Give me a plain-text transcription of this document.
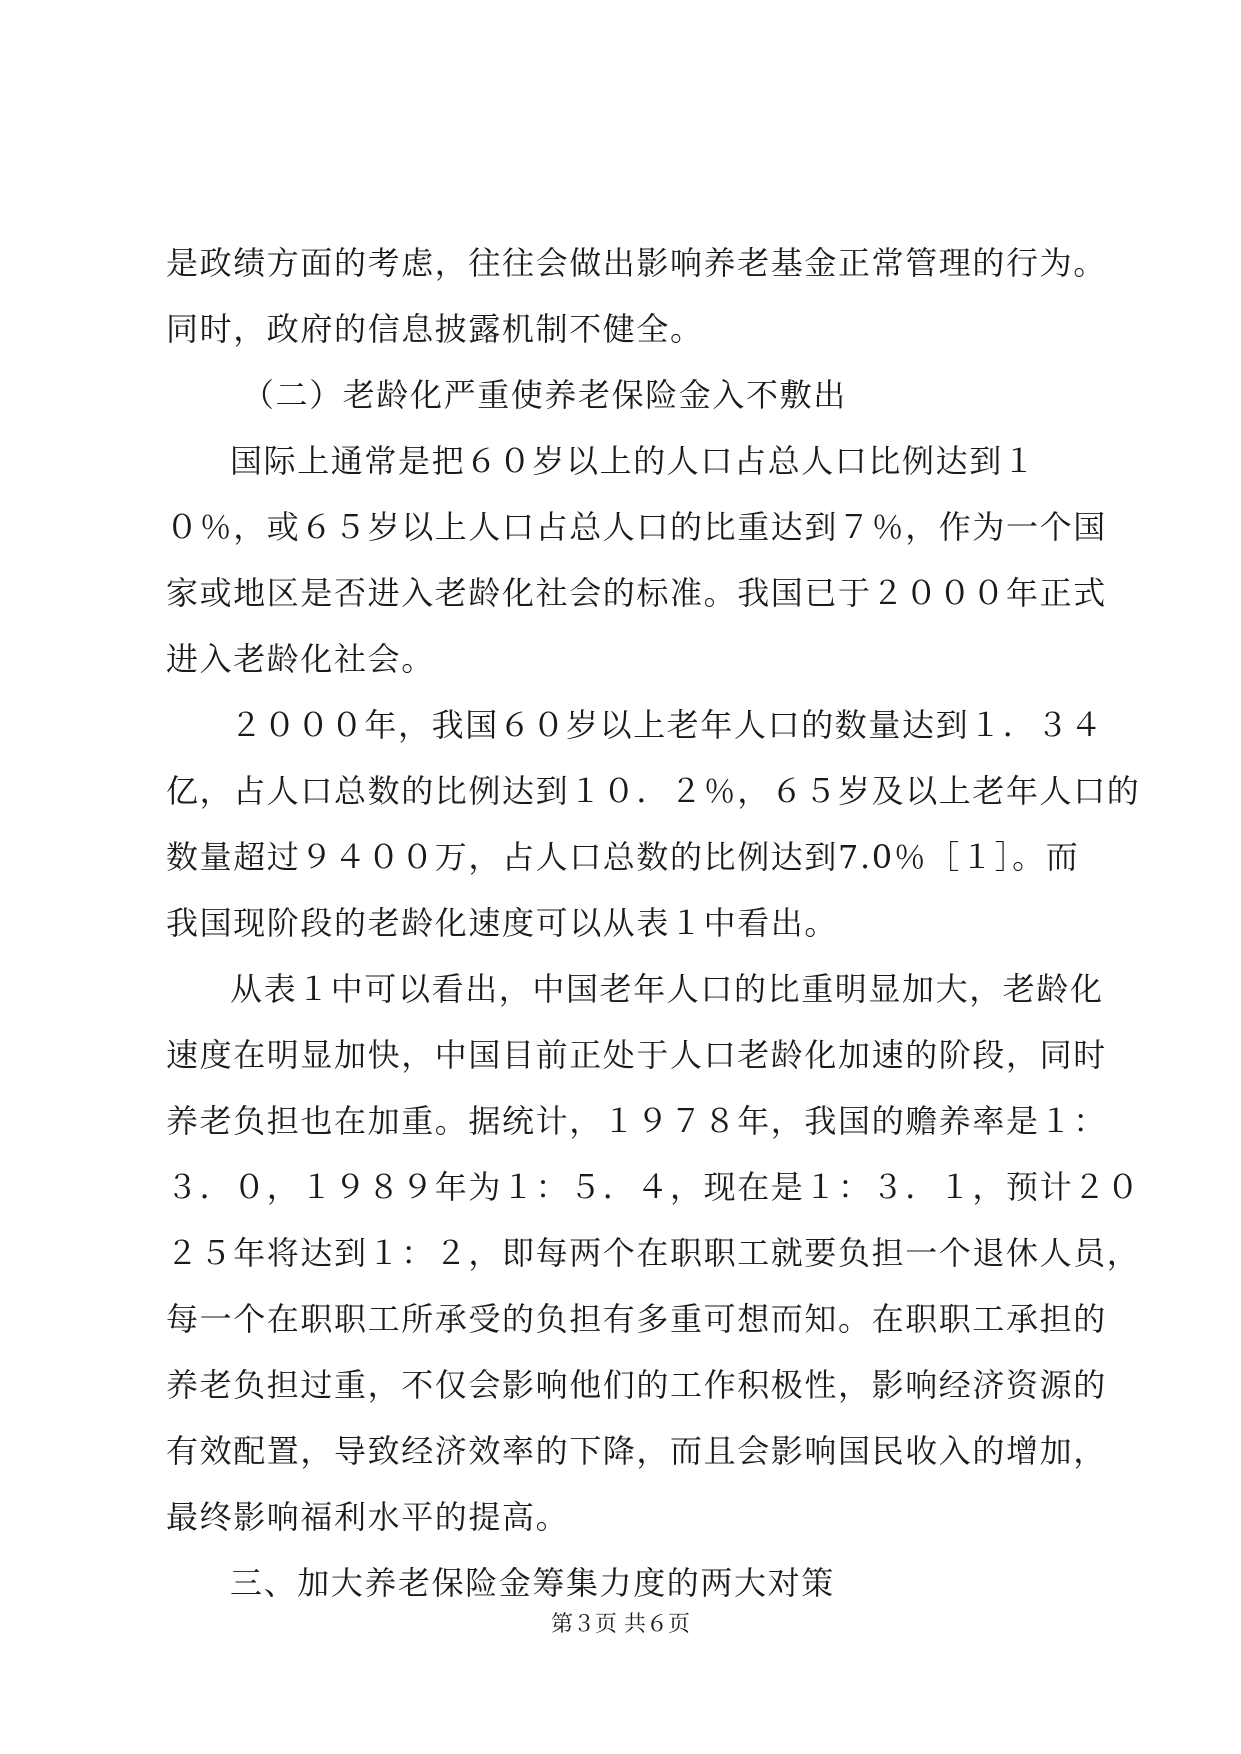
是政绩方面的考虑，往往会做出影响养老基金正常管理的行为。
同时，政府的信息披露机制不健全。
（二）老龄化严重使养老保险金入不敷出
国际上通常是把６０岁以上的人口占总人口比例达到１
０％，或６５岁以上人口占总人口的比重达到７％，作为一个国
家或地区是否进入老龄化社会的标准。我国已于２０００年正式
进入老龄化社会。
２０００年，我国６０岁以上老年人口的数量达到１．３４
亿，占人口总数的比例达到１０．２％，６５岁及以上老年人口的
数量超过９４００万，占人口总数的比例达到7.0％［１］。而
我国现阶段的老龄化速度可以从表１中看出。
从表１中可以看出，中国老年人口的比重明显加大，老龄化
速度在明显加快，中国目前正处于人口老龄化加速的阶段，同时
养老负担也在加重。据统计，１９７８年，我国的赡养率是１：
３．０，１９８９年为１：５．４，现在是１：３．１，预计２０
２５年将达到１：２，即每两个在职职工就要负担一个退休人员，
每一个在职职工所承受的负担有多重可想而知。在职职工承担的
养老负担过重，不仅会影响他们的工作积极性，影响经济资源的
有效配置，导致经济效率的下降，而且会影响国民收入的增加，
最终影响福利水平的提高。
三、加大养老保险金筹集力度的两大对策
第３页 共６页
